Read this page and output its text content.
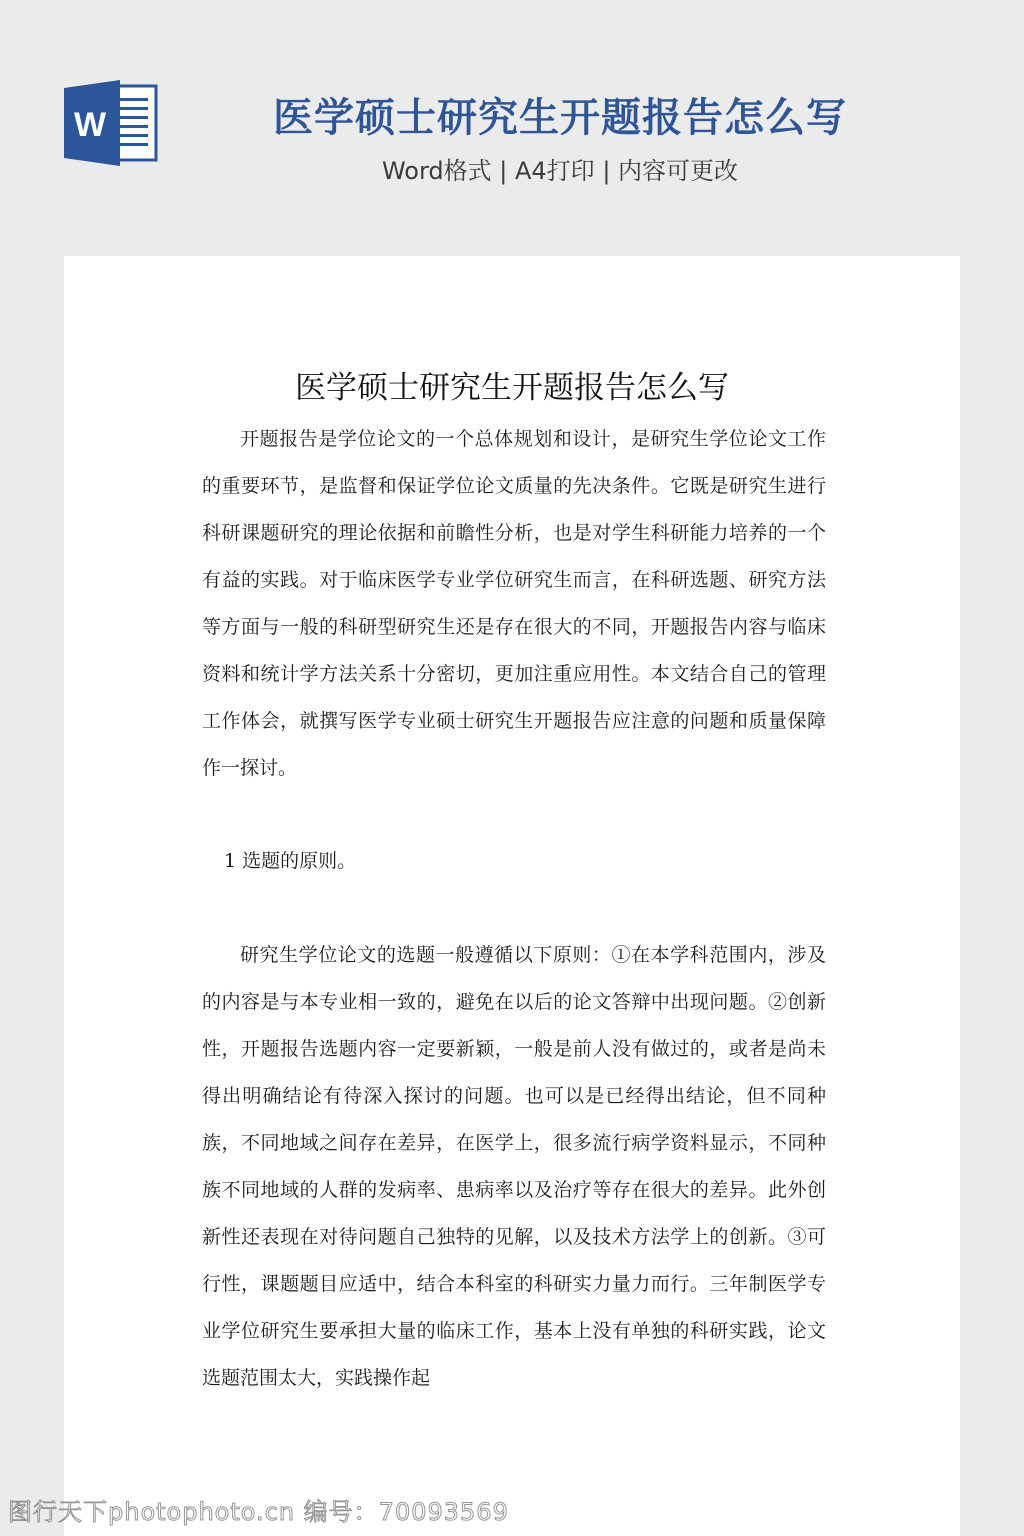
W	医学硕士研究生开题报告怎么写
Word格式 | A4打印 | 内容可更改
医学硕士研究生开题报告怎么写

开题报告是学位论文的一个总体规划和设计，是研究生学位论文工作的重要环节，是监督和保证学位论文质量的先决条件。它既是研究生进行科研课题研究的理论依据和前瞻性分析，也是对学生科研能力培养的一个有益的实践。对于临床医学专业学位研究生而言，在科研选题、研究方法等方面与一般的科研型研究生还是存在很大的不同，开题报告内容与临床资料和统计学方法关系十分密切，更加注重应用性。本文结合自己的管理工作体会，就撰写医学专业硕士研究生开题报告应注意的问题和质量保障作一探讨。

1 选题的原则。

研究生学位论文的选题一般遵循以下原则：①在本学科范围内，涉及的内容是与本专业相一致的，避免在以后的论文答辩中出现问题。②创新性，开题报告选题内容一定要新颖，一般是前人没有做过的，或者是尚未得出明确结论有待深入探讨的问题。也可以是已经得出结论，但不同种族，不同地域之间存在差异，在医学上，很多流行病学资料显示，不同种族不同地域的人群的发病率、患病率以及治疗等存在很大的差异。此外创新性还表现在对待问题自己独特的见解，以及技术方法学上的创新。③可行性，课题题目应适中，结合本科室的科研实力量力而行。三年制医学专业学位研究生要承担大量的临床工作，基本上没有单独的科研实践，论文选题范围太大，实践操作起

图行天下photophoto.cn 编号：70093569
